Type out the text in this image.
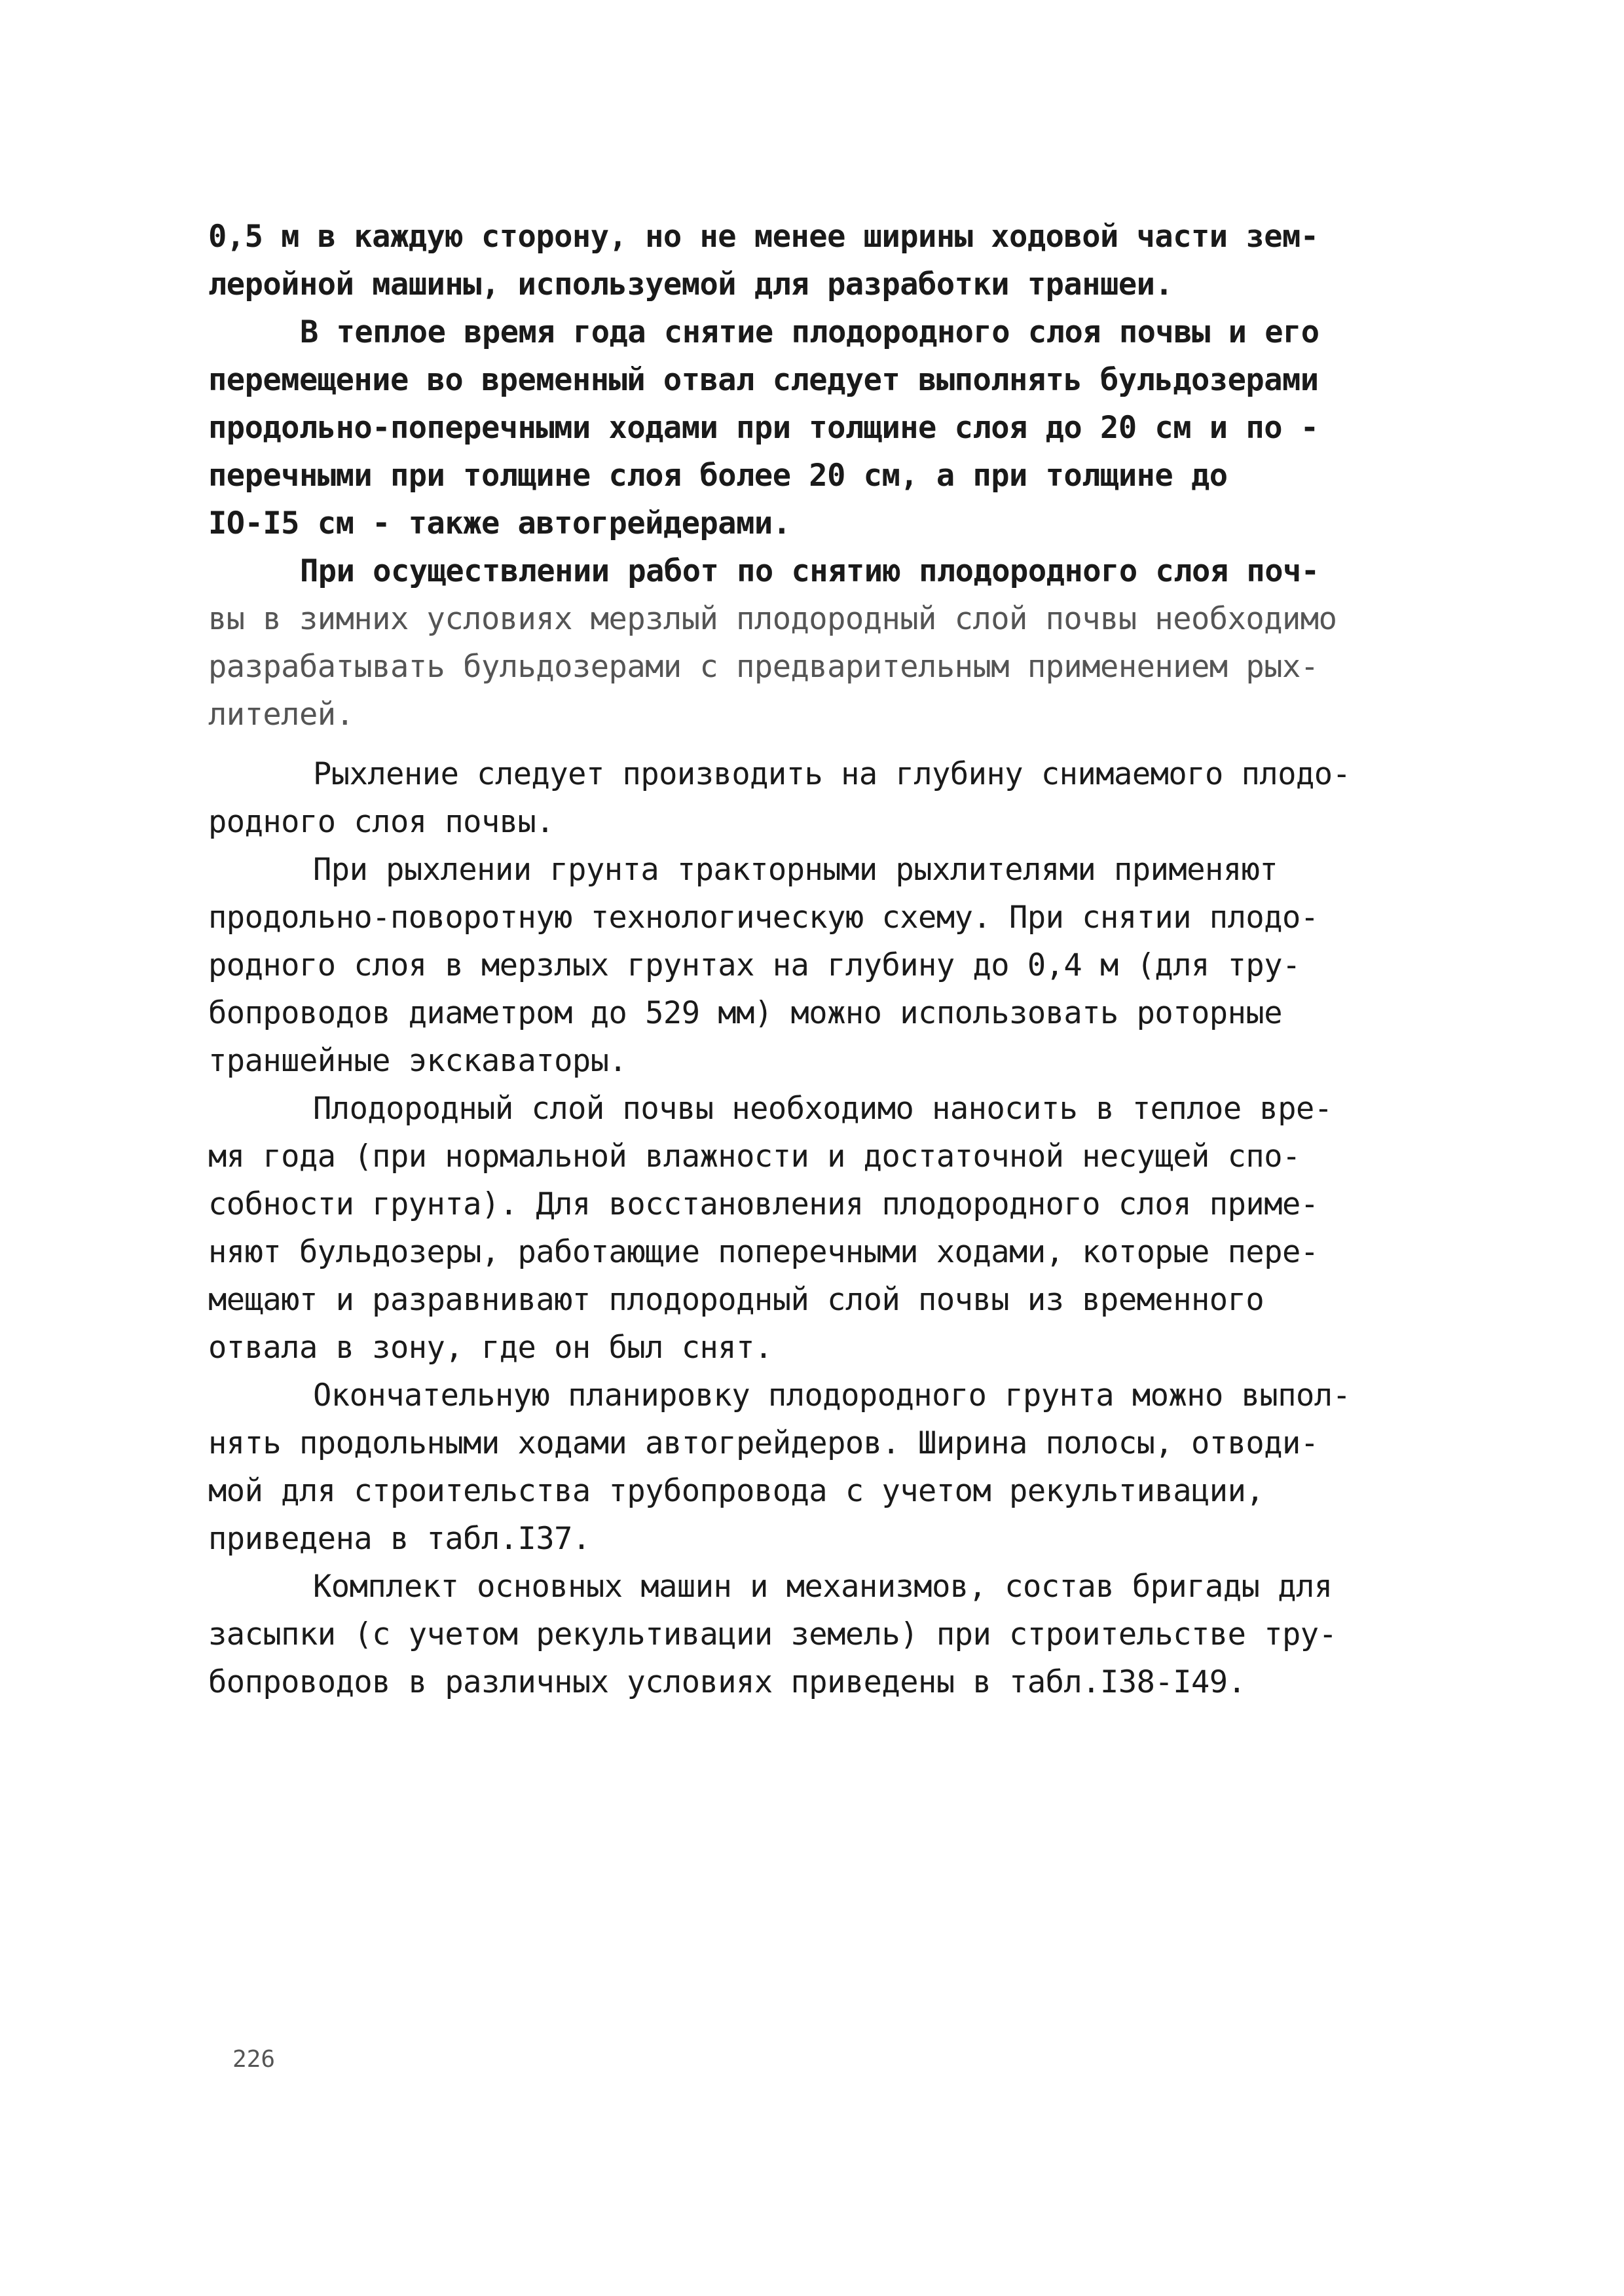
0,5 м в каждую сторону, но не менее ширины ходовой части зем-
леройной машины, используемой для разработки траншеи.
В теплое время года снятие плодородного слоя почвы и его
перемещение во временный отвал следует выполнять бульдозерами
продольно-поперечными ходами при толщине слоя до 20 см и по -
перечными при толщине слоя более 20 см, а при толщине до
IO-I5 см - также автогрейдерами.
При осуществлении работ по снятию плодородного слоя поч-
вы в зимних условиях мерзлый плодородный слой почвы необходимо
разрабатывать бульдозерами с предварительным применением рых-
лителей.
Рыхление следует производить на глубину снимаемого плодо-
родного слоя почвы.
При рыхлении грунта тракторными рыхлителями применяют
продольно-поворотную технологическую схему. При снятии плодо-
родного слоя в мерзлых грунтах на глубину до 0,4 м (для тру-
бопроводов диаметром до 529 мм) можно использовать роторные
траншейные экскаваторы.
Плодородный слой почвы необходимо наносить в теплое вре-
мя года (при нормальной влажности и достаточной несущей спо-
собности грунта). Для восстановления плодородного слоя приме-
няют бульдозеры, работающие поперечными ходами, которые пере-
мещают и разравнивают плодородный слой почвы из временного
отвала в зону, где он был снят.
Окончательную планировку плодородного грунта можно выпол-
нять продольными ходами автогрейдеров. Ширина полосы, отводи-
мой для строительства трубопровода с учетом рекультивации,
приведена в табл.I37.
Комплект основных машин и механизмов, состав бригады для
засыпки (с учетом рекультивации земель) при строительстве тру-
бопроводов в различных условиях приведены в табл.I38-I49.
226
